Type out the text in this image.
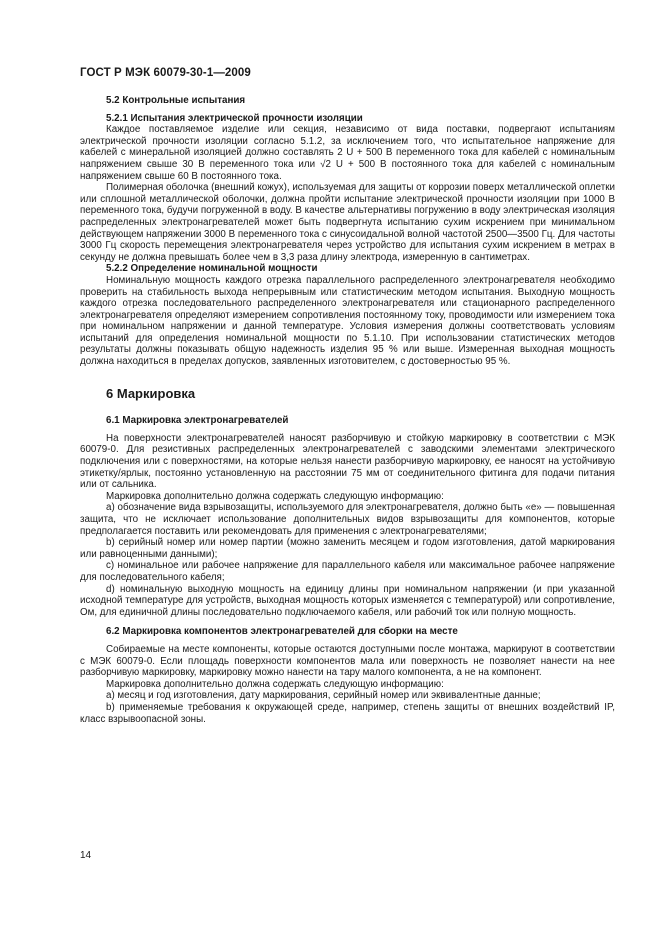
ГОСТ Р МЭК 60079-30-1—2009
5.2 Контрольные испытания
5.2.1 Испытания электрической прочности изоляции

Каждое поставляемое изделие или секция, независимо от вида поставки, подвергают испытаниям электрической прочности изоляции согласно 5.1.2, за исключением того, что испытательное напряжение для кабелей с минеральной изоляцией должно составлять 2 U + 500 В переменного тока для кабелей с номинальным напряжением свыше 30 В переменного тока или √2 U + 500 В постоянного тока для кабелей с номинальным напряжением свыше 60 В постоянного тока.

Полимерная оболочка (внешний кожух), используемая для защиты от коррозии поверх металлической оплетки или сплошной металлической оболочки, должна пройти испытание электрической прочности изоляции при 1000 В переменного тока, будучи погруженной в воду. В качестве альтернативы погружению в воду электрическая изоляция распределенных электронагревателей может быть подвергнута испытанию сухим искрением при минимальном действующем напряжении 3000 В переменного тока с синусоидальной волной частотой 2500—3500 Гц. Для частоты 3000 Гц скорость перемещения электронагревателя через устройство для испытания сухим искрением в метрах в секунду не должна превышать более чем в 3,3 раза длину электрода, измеренную в сантиметрах.

5.2.2 Определение номинальной мощности

Номинальную мощность каждого отрезка параллельного распределенного электронагревателя необходимо проверить на стабильность выхода непрерывным или статистическим методом испытания. Выходную мощность каждого отрезка последовательного распределенного электронагревателя или стационарного распределенного электронагревателя определяют измерением сопротивления постоянному току, проводимости или измерением тока при номинальном напряжении и данной температуре. Условия измерения должны соответствовать условиям испытаний для определения номинальной мощности по 5.1.10. При использовании статистических методов результаты должны показывать общую надежность изделия 95 % или выше. Измеренная выходная мощность должна находиться в пределах допусков, заявленных изготовителем, с достоверностью 95 %.

6 Маркировка
6.1 Маркировка электронагревателей

На поверхности электронагревателей наносят разборчивую и стойкую маркировку в соответствии с МЭК 60079-0. Для резистивных распределенных электронагревателей с заводскими элементами электрического подключения или с поверхностями, на которые нельзя нанести разборчивую маркировку, ее наносят на устойчивую этикетку/ярлык, постоянно установленную на расстоянии 75 мм от соединительного фитинга для подачи питания или от сальника.

Маркировка дополнительно должна содержать следующую информацию:

a) обозначение вида взрывозащиты, используемого для электронагревателя, должно быть «е» — повышенная защита, что не исключает использование дополнительных видов взрывозащиты для компонентов, которые предполагается поставить или рекомендовать для применения с электронагревателями;

b) серийный номер или номер партии (можно заменить месяцем и годом изготовления, датой маркирования или равноценными данными);

c) номинальное или рабочее напряжение для параллельного кабеля или максимальное рабочее напряжение для последовательного кабеля;

d) номинальную выходную мощность на единицу длины при номинальном напряжении (и при указанной исходной температуре для устройств, выходная мощность которых изменяется с температурой) или сопротивление, Ом, для единичной длины последовательно подключаемого кабеля, или рабочий ток или полную мощность.

6.2 Маркировка компонентов электронагревателей для сборки на месте

Собираемые на месте компоненты, которые остаются доступными после монтажа, маркируют в соответствии с МЭК 60079-0. Если площадь поверхности компонентов мала или поверхность не позволяет нанести на нее разборчивую маркировку, маркировку можно нанести на тару малого компонента, а не на компонент.

Маркировка дополнительно должна содержать следующую информацию:

a) месяц и год изготовления, дату маркирования, серийный номер или эквивалентные данные;

b) применяемые требования к окружающей среде, например, степень защиты от внешних воздействий IP, класс взрывоопасной зоны.

14
